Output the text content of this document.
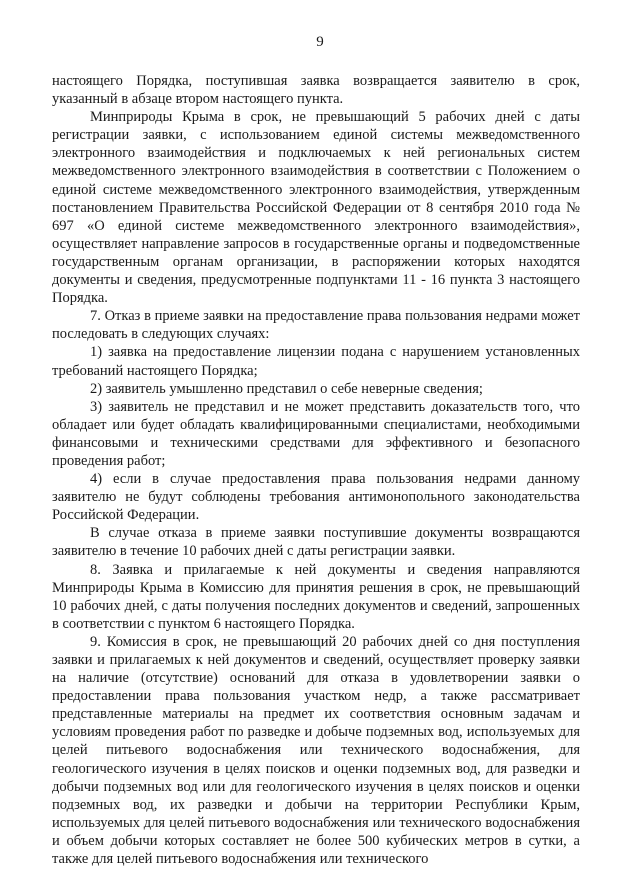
9

настоящего Порядка, поступившая заявка возвращается заявителю в срок, указанный в абзаце втором настоящего пункта.

Минприроды Крыма в срок, не превышающий 5 рабочих дней с даты регистрации заявки, с использованием единой системы межведомственного электронного взаимодействия и подключаемых к ней региональных систем межведомственного электронного взаимодействия в соответствии с Положением о единой системе межведомственного электронного взаимодействия, утвержденным постановлением Правительства Российской Федерации от 8 сентября 2010 года № 697 «О единой системе межведомственного электронного взаимодействия», осуществляет направление запросов в государственные органы и подведомственные государственным органам организации, в распоряжении которых находятся документы и сведения, предусмотренные подпунктами 11 - 16 пункта 3 настоящего Порядка.

7. Отказ в приеме заявки на предоставление права пользования недрами может последовать в следующих случаях:

1) заявка на предоставление лицензии подана с нарушением установленных требований настоящего Порядка;

2) заявитель умышленно представил о себе неверные сведения;

3) заявитель не представил и не может представить доказательств того, что обладает или будет обладать квалифицированными специалистами, необходимыми финансовыми и техническими средствами для эффективного и безопасного проведения работ;

4) если в случае предоставления права пользования недрами данному заявителю не будут соблюдены требования антимонопольного законодательства Российской Федерации.

В случае отказа в приеме заявки поступившие документы возвращаются заявителю в течение 10 рабочих дней с даты регистрации заявки.

8. Заявка и прилагаемые к ней документы и сведения направляются Минприроды Крыма в Комиссию для принятия решения в срок, не превышающий 10 рабочих дней, с даты получения последних документов и сведений, запрошенных в соответствии с пунктом 6 настоящего Порядка.

9. Комиссия в срок, не превышающий 20 рабочих дней со дня поступления заявки и прилагаемых к ней документов и сведений, осуществляет проверку заявки на наличие (отсутствие) оснований для отказа в удовлетворении заявки о предоставлении права пользования участком недр, а также рассматривает представленные материалы на предмет их соответствия основным задачам и условиям проведения работ по разведке и добыче подземных вод, используемых для целей питьевого водоснабжения или технического водоснабжения, для геологического изучения в целях поисков и оценки подземных вод, для разведки и добычи подземных вод или для геологического изучения в целях поисков и оценки подземных вод, их разведки и добычи на территории Республики Крым, используемых для целей питьевого водоснабжения или технического водоснабжения и объем добычи которых составляет не более 500 кубических метров в сутки, а также для целей питьевого водоснабжения или технического
